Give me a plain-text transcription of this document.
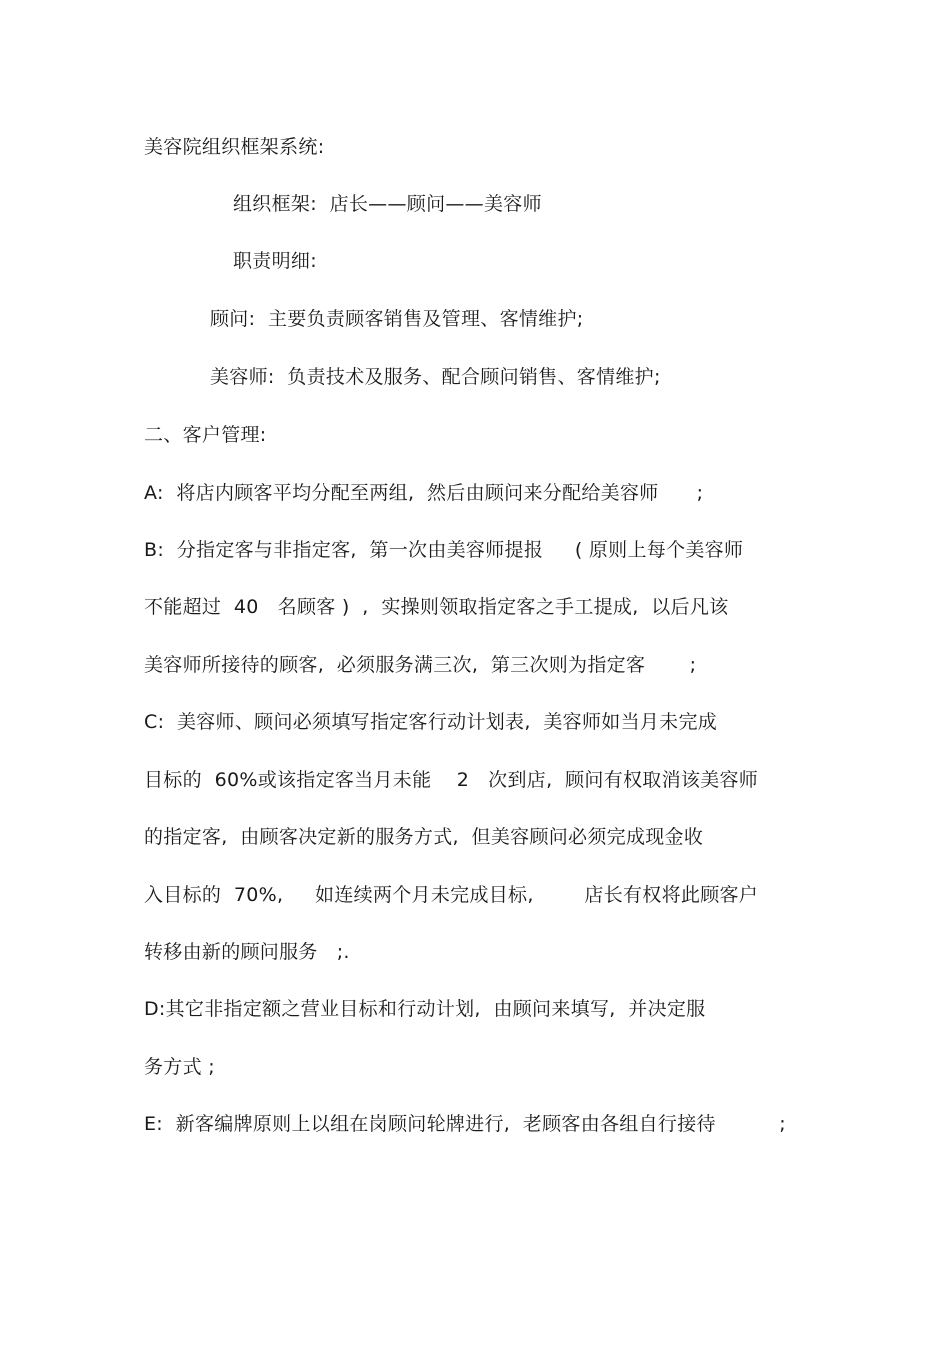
美容院组织框架系统:
组织框架:  店长——顾问——美容师
职责明细:
顾问:  主要负责顾客销售及管理、客情维护;
美容师:  负责技术及服务、配合顾问销售、客情维护;
二、客户管理:
A:  将店内顾客平均分配至两组,  然后由顾问来分配给美容师      ;
B:  分指定客与非指定客,  第一次由美容师提报     ( 原则上每个美容师
不能超过  40   名顾客 )  ,  实操则领取指定客之手工提成,  以后凡该
美容师所接待的顾客,  必须服务满三次,  第三次则为指定客       ;
C:  美容师、顾问必须填写指定客行动计划表,  美容师如当月未完成
目标的  60%或该指定客当月未能    2   次到店,  顾问有权取消该美容师
的指定客,  由顾客决定新的服务方式,  但美容顾问必须完成现金收
入目标的  70%,     如连续两个月未完成目标,        店长有权将此顾客户
转移由新的顾问服务   ;.
D:其它非指定额之营业目标和行动计划,  由顾问来填写,  并决定服
务方式 ;
E:  新客编牌原则上以组在岗顾问轮牌进行,  老顾客由各组自行接待          ;
